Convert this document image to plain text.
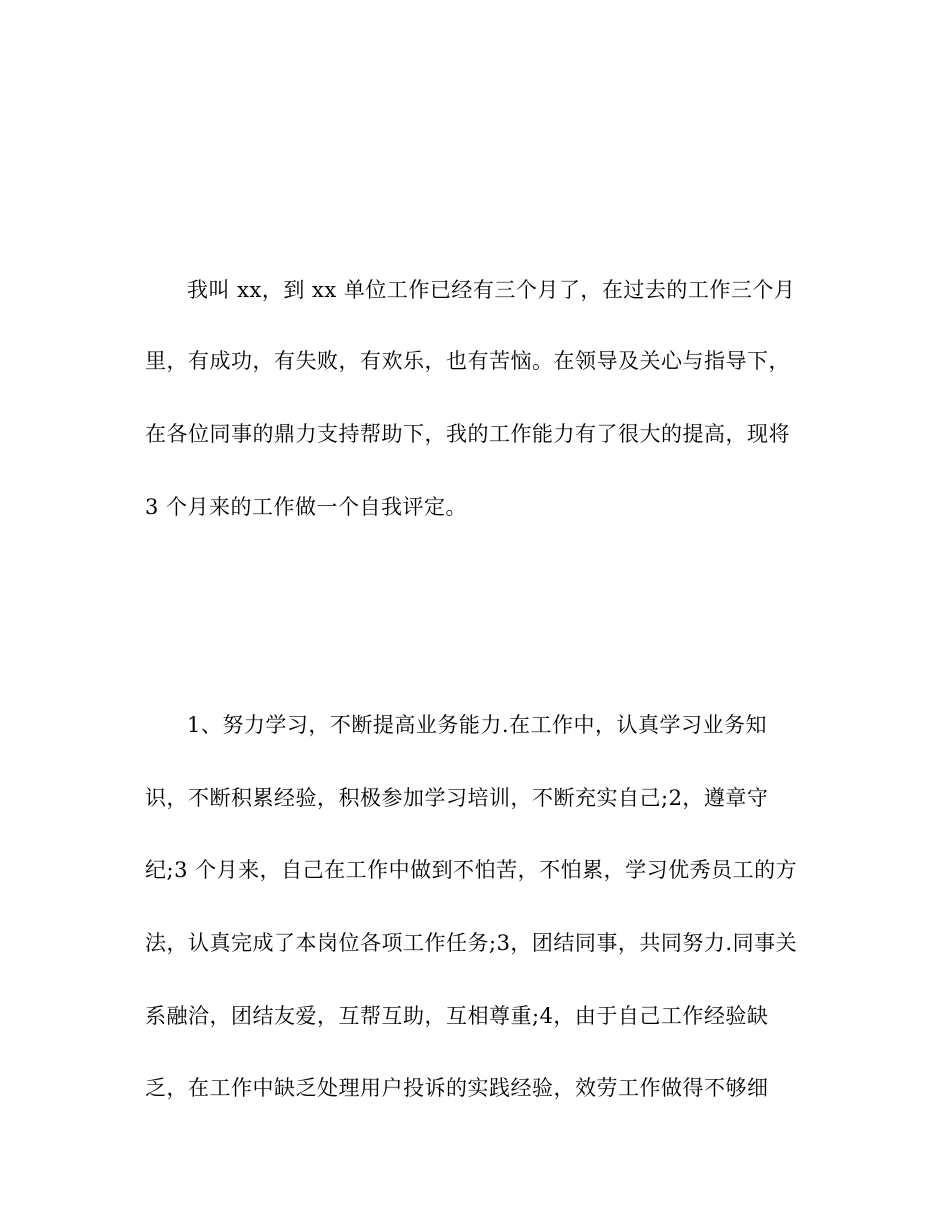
我叫 xx，到 xx 单位工作已经有三个月了，在过去的工作三个月
里，有成功，有失败，有欢乐，也有苦恼。在领导及关心与指导下，
在各位同事的鼎力支持帮助下，我的工作能力有了很大的提高，现将
3 个月来的工作做一个自我评定。
1、努力学习，不断提高业务能力.在工作中，认真学习业务知
识，不断积累经验，积极参加学习培训，不断充实自己;2，遵章守
纪;3 个月来，自己在工作中做到不怕苦，不怕累，学习优秀员工的方
法，认真完成了本岗位各项工作任务;3，团结同事，共同努力.同事关
系融洽，团结友爱，互帮互助，互相尊重;4，由于自己工作经验缺
乏，在工作中缺乏处理用户投诉的实践经验，效劳工作做得不够细
